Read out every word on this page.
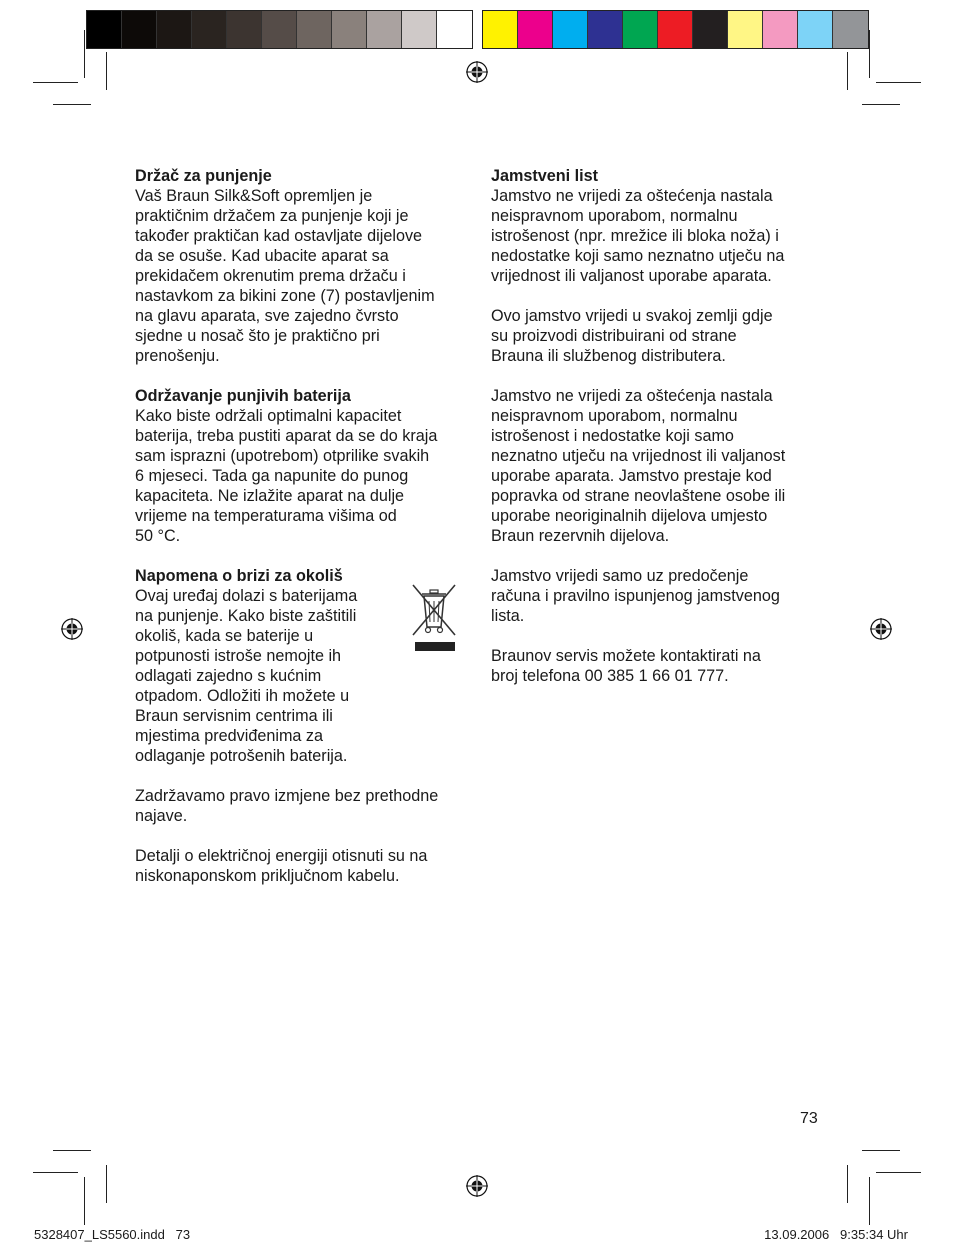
Držač za punjenje

Vaš Braun Silk&Soft opremljen je
praktičnim držačem za punjenje koji je
također praktičan kad ostavljate dijelove
da se osuše. Kad ubacite aparat sa
prekidačem okrenutim prema držaču i
nastavkom za bikini zone (7) postavljenim
na glavu aparata, sve zajedno čvrsto
sjedne u nosač što je praktično pri
prenošenju.

Održavanje punjivih baterija

Kako biste održali optimalni kapacitet
baterija, treba pustiti aparat da se do kraja
sam isprazni (upotrebom) otprilike svakih
6 mjeseci. Tada ga napunite do punog
kapaciteta. Ne izlažite aparat na dulje
vrijeme na temperaturama višima od
50 °C.

Napomena o brizi za okoliš

Ovaj uređaj dolazi s baterijama
na punjenje. Kako biste zaštitili
okoliš, kada se baterije u
potpunosti istroše nemojte ih
odlagati zajedno s kućnim
otpadom. Odložiti ih možete u
Braun servisnim centrima ili
mjestima predviđenima za
odlaganje potrošenih baterija.

Zadržavamo pravo izmjene bez prethodne
najave.

Detalji o električnoj energiji otisnuti su na
niskonaponskom priključnom kabelu.

Jamstveni list

Jamstvo ne vrijedi za oštećenja nastala
neispravnom uporabom, normalnu
istrošenost (npr. mrežice ili bloka noža) i
nedostatke koji samo neznatno utječu na
vrijednost ili valjanost uporabe aparata.

Ovo jamstvo vrijedi u svakoj zemlji gdje
su proizvodi distribuirani od strane
Brauna ili službenog distributera.

Jamstvo ne vrijedi za oštećenja nastala
neispravnom uporabom, normalnu
istrošenost i nedostatke koji samo
neznatno utječu na vrijednost ili valjanost
uporabe aparata. Jamstvo prestaje kod
popravka od strane neovlaštene osobe ili
uporabe neoriginalnih dijelova umjesto
Braun rezervnih dijelova.

Jamstvo vrijedi samo uz predočenje
računa i pravilno ispunjenog jamstvenog
lista.

Braunov servis možete kontaktirati na
broj telefona 00 385 1 66 01 777.

73
5328407_LS5560.indd   73	13.09.2006   9:35:34 Uhr
